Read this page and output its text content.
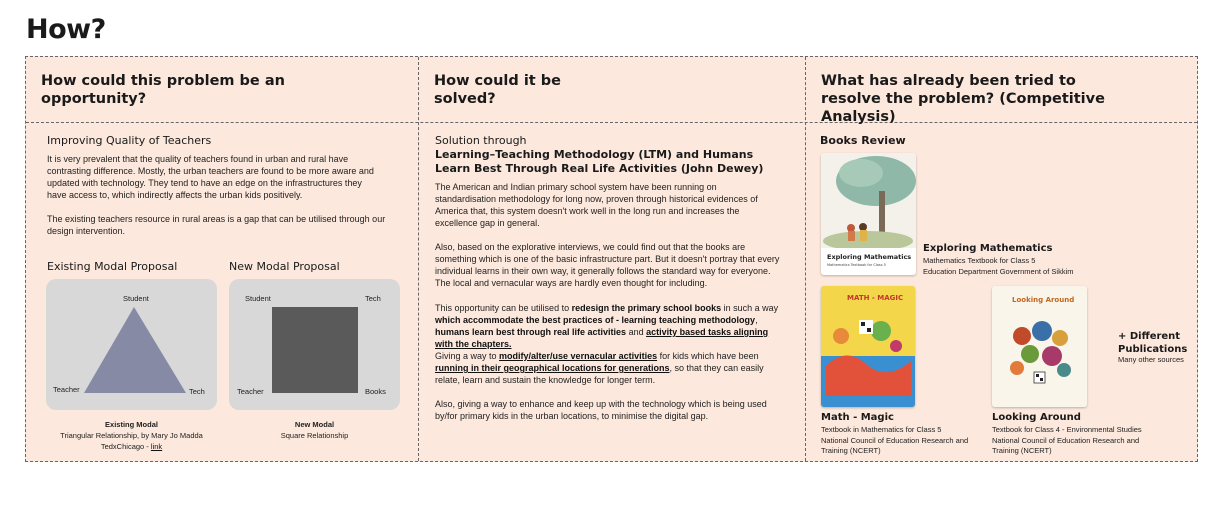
How?
How could this problem be an opportunity?
Improving Quality of Teachers
It is very prevalent that the quality of teachers found in urban and rural have contrasting difference. Mostly, the urban teachers are found to be more aware and updated with technology. They tend to have an edge on the infrastructures they have access to, which indirectly affects the urban kids positively.
The existing teachers resource in rural areas is a gap that can be utilised through our design intervention.
Existing Modal Proposal
Student
Teacher	Tech
Existing Modal
Triangular Relationship, by Mary Jo Madda
TedxChicago - link
New Modal Proposal
Student	Tech
Teacher	Books
New Modal
Square Relationship
How could it be solved?
Solution through
Learning–Teaching Methodology (LTM) and Humans Learn Best Through Real Life Activities (John Dewey)
The American and Indian primary school system have been running on standardisation methodology for long now, proven through historical evidences of America that, this system doesn't work well in the long run and increases the excellence gap in general.
Also, based on the explorative interviews, we could find out that the books are something which is one of the basic infrastructure part. But it doesn't portray that every individual learns in their own way, it generally follows the standard way for everyone. The local and vernacular ways are hardly even thought for including.
This opportunity can be utilised to redesign the primary school books in such a way which accommodate the best practices of - learning teaching methodology, humans learn best through real life activities and activity based tasks aligning with the chapters.
Giving a way to modify/alter/use vernacular activities for kids which have been running in their geographical locations for generations, so that they can easily relate, learn and sustain the knowledge for longer term.
Also, giving a way to enhance and keep up with the technology which is being used by/for primary kids in the urban locations, to minimise the digital gap.
What has already been tried to resolve the problem? (Competitive Analysis)
Books Review
Exploring Mathematics
Mathematics Textbook for Class 5
Exploring Mathematics
Mathematics Textbook for Class 5
Education Department Government of Sikkim
MATH - MAGIC
Math - Magic
Textbook in Mathematics for Class 5
National Council of Education Research and Training (NCERT)
Looking Around
Looking Around
Textbook for Class 4 - Environmental Studies
National Council of Education Research and Training (NCERT)
+ Different Publications
Many other sources
